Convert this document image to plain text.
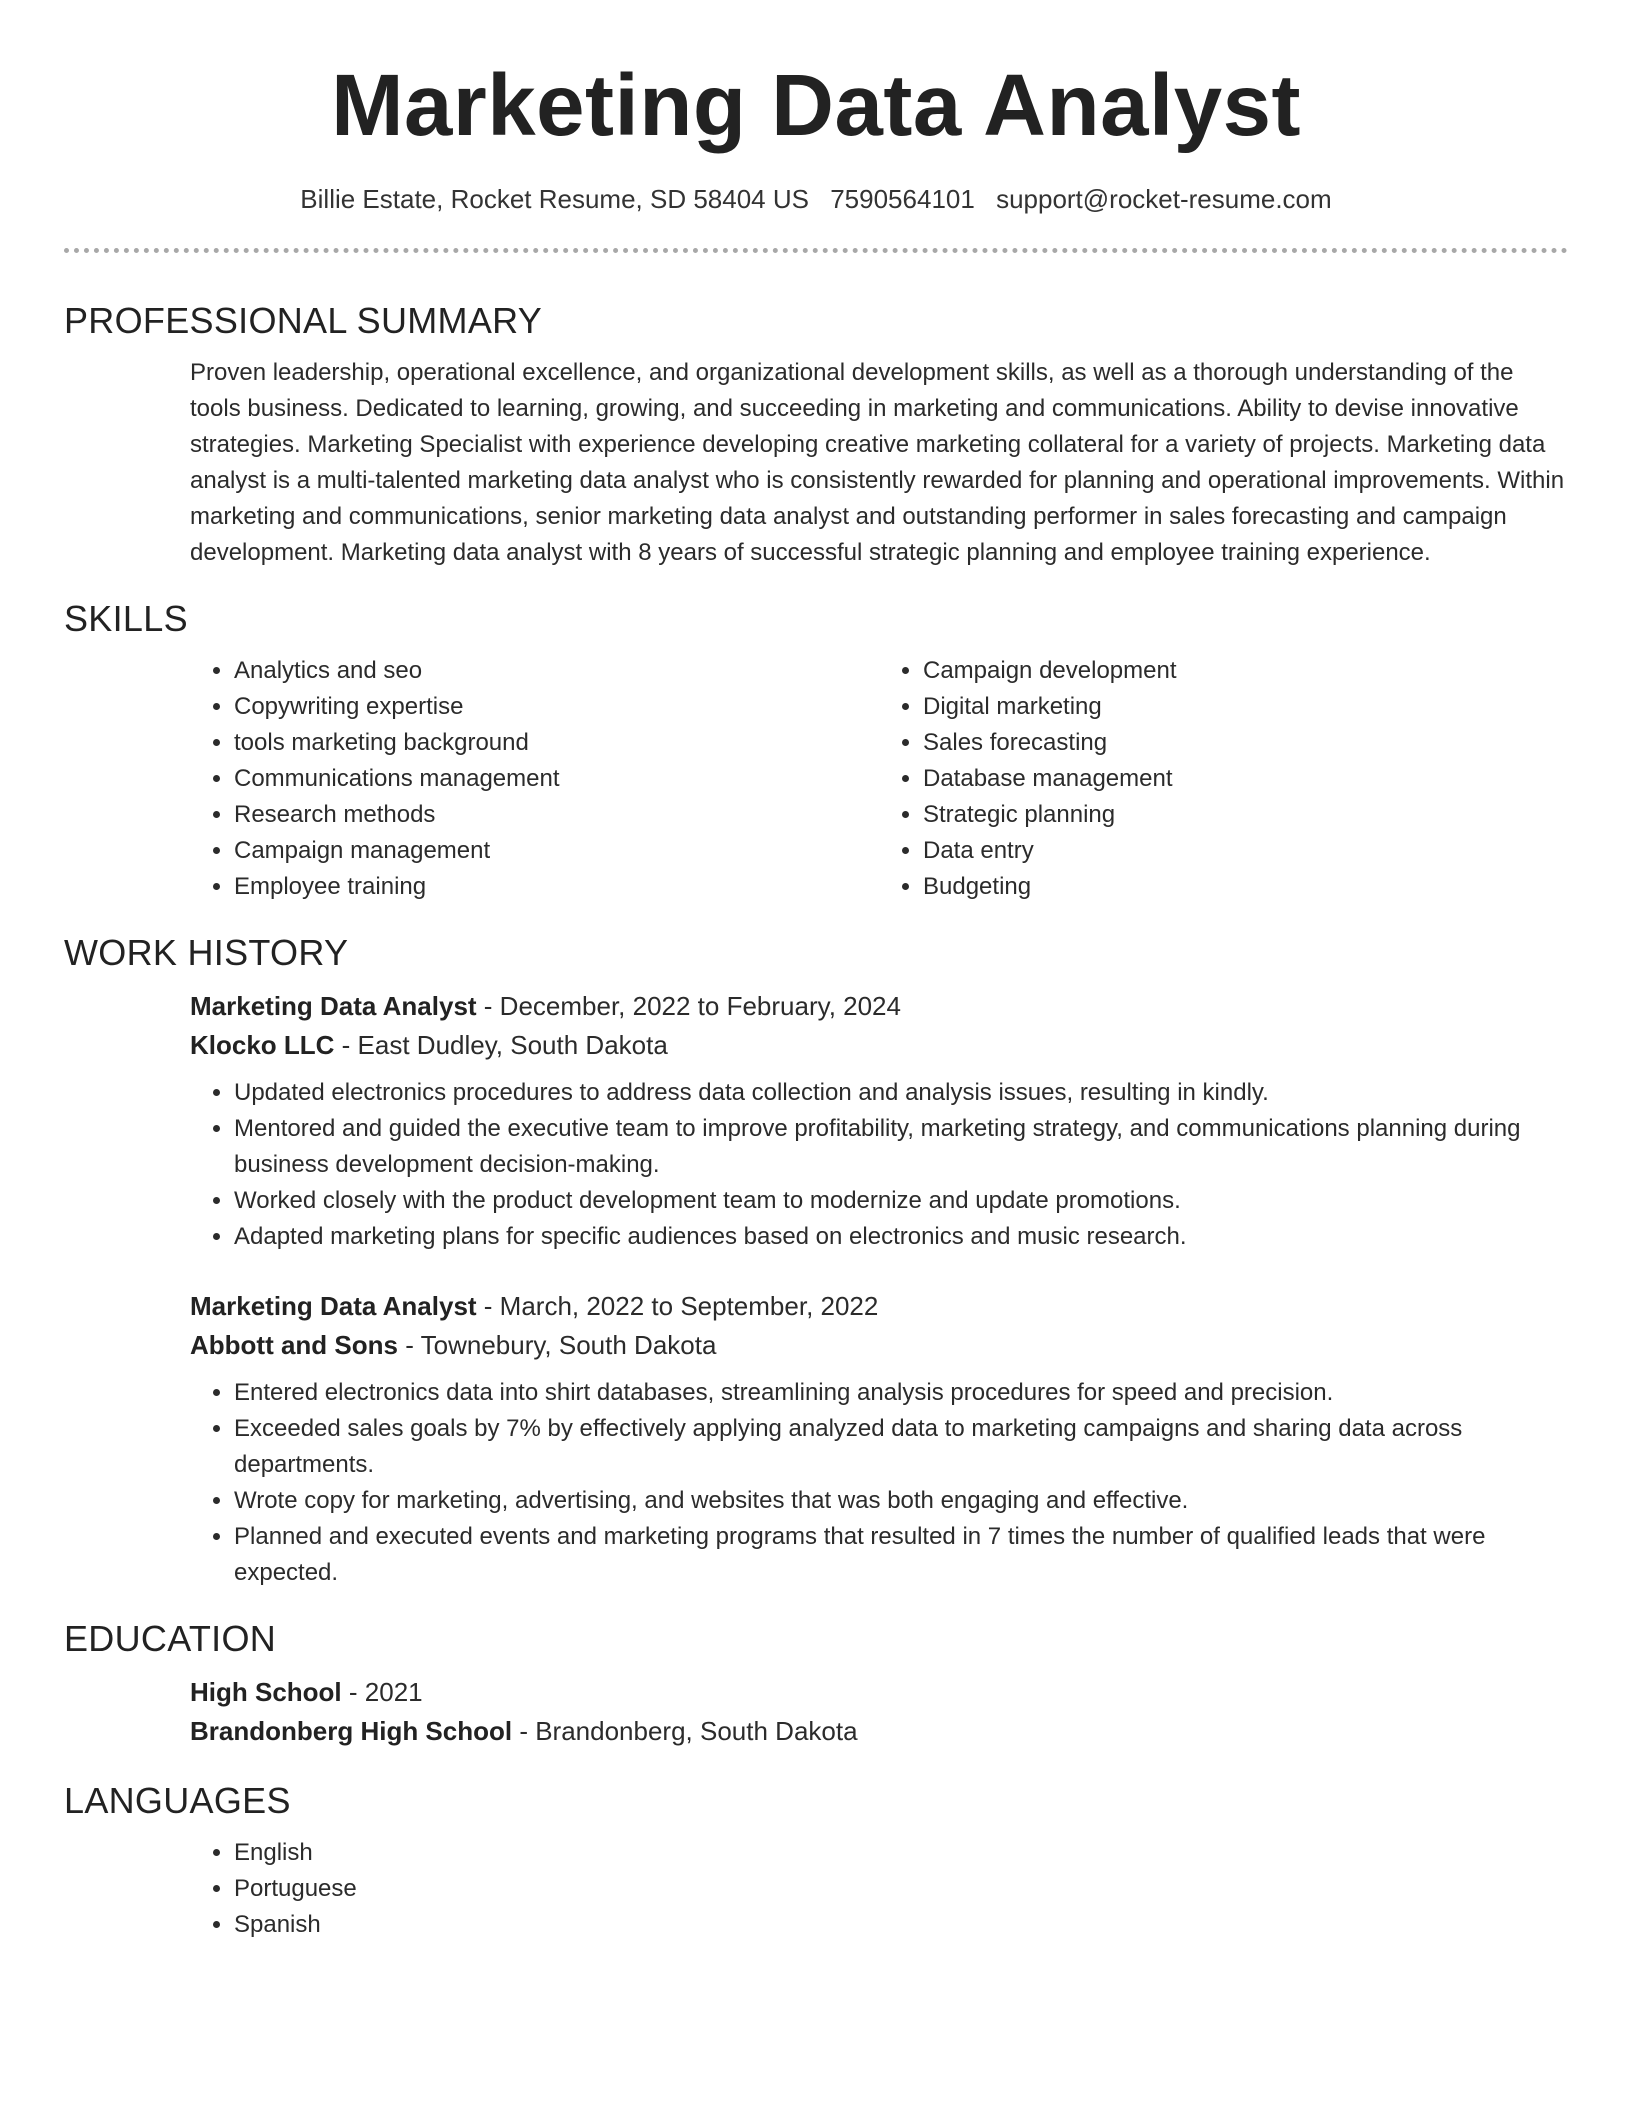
Marketing Data Analyst
Billie Estate, Rocket Resume, SD 58404 US 7590564101 support@rocket-resume.com
PROFESSIONAL SUMMARY
Proven leadership, operational excellence, and organizational development skills, as well as a thorough understanding of the tools business. Dedicated to learning, growing, and succeeding in marketing and communications. Ability to devise innovative strategies. Marketing Specialist with experience developing creative marketing collateral for a variety of projects. Marketing data analyst is a multi-talented marketing data analyst who is consistently rewarded for planning and operational improvements. Within marketing and communications, senior marketing data analyst and outstanding performer in sales forecasting and campaign development. Marketing data analyst with 8 years of successful strategic planning and employee training experience.
SKILLS
• Analytics and seo
• Copywriting expertise
• tools marketing background
• Communications management
• Research methods
• Campaign management
• Employee training
• Campaign development
• Digital marketing
• Sales forecasting
• Database management
• Strategic planning
• Data entry
• Budgeting
WORK HISTORY
Marketing Data Analyst - December, 2022 to February, 2024
Klocko LLC - East Dudley, South Dakota
• Updated electronics procedures to address data collection and analysis issues, resulting in kindly.
• Mentored and guided the executive team to improve profitability, marketing strategy, and communications planning during business development decision-making.
• Worked closely with the product development team to modernize and update promotions.
• Adapted marketing plans for specific audiences based on electronics and music research.
Marketing Data Analyst - March, 2022 to September, 2022
Abbott and Sons - Townebury, South Dakota
• Entered electronics data into shirt databases, streamlining analysis procedures for speed and precision.
• Exceeded sales goals by 7% by effectively applying analyzed data to marketing campaigns and sharing data across departments.
• Wrote copy for marketing, advertising, and websites that was both engaging and effective.
• Planned and executed events and marketing programs that resulted in 7 times the number of qualified leads that were expected.
EDUCATION
High School - 2021
Brandonberg High School - Brandonberg, South Dakota
LANGUAGES
• English
• Portuguese
• Spanish
